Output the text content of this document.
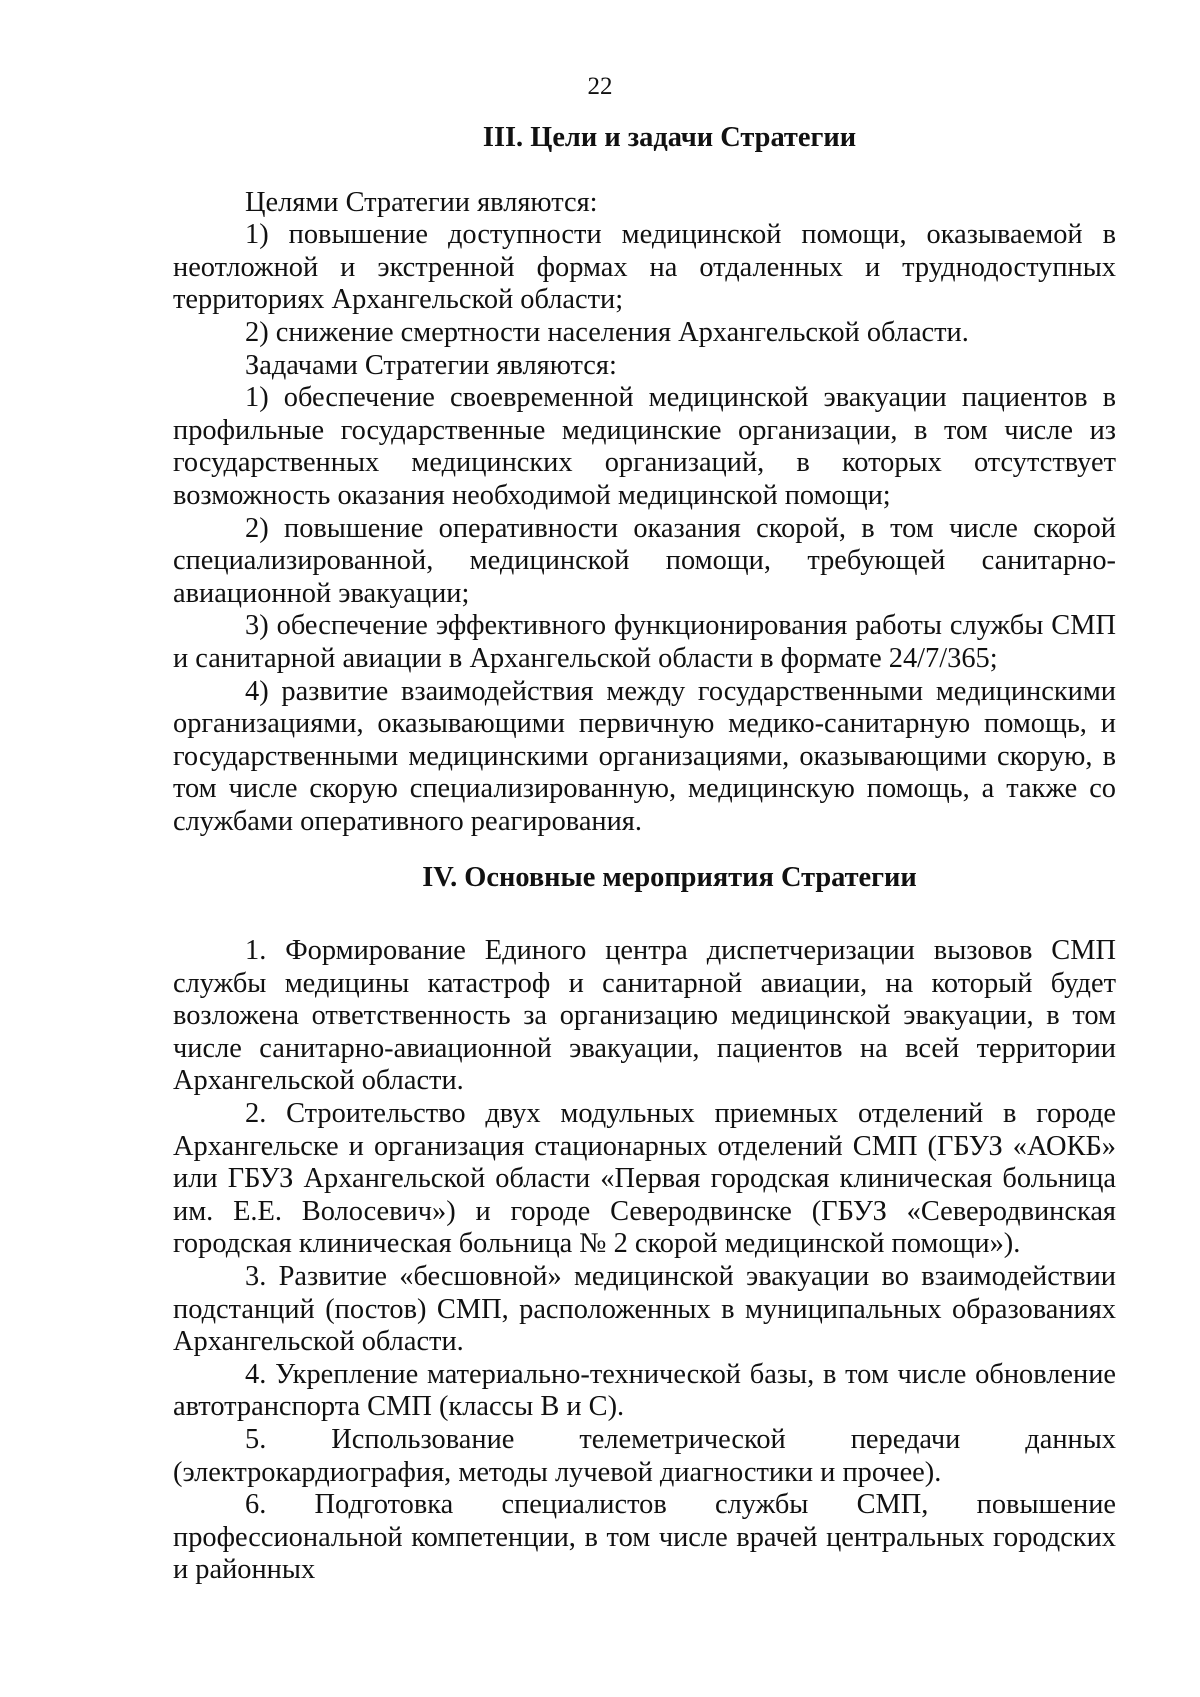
22
III. Цели и задачи Стратегии

Целями Стратегии являются:

1) повышение доступности медицинской помощи, оказываемой в неотложной и экстренной формах на отдаленных и труднодоступных территориях Архангельской области;

2) снижение смертности населения Архангельской области.

Задачами Стратегии являются:

1) обеспечение своевременной медицинской эвакуации пациентов в профильные государственные медицинские организации, в том числе из государственных медицинских организаций, в которых отсутствует возможность оказания необходимой медицинской помощи;

2) повышение оперативности оказания скорой, в том числе скорой специализированной, медицинской помощи, требующей санитарно-авиационной эвакуации;

3) обеспечение эффективного функционирования работы службы СМП и санитарной авиации в Архангельской области в формате 24/7/365;

4) развитие взаимодействия между государственными медицинскими организациями, оказывающими первичную медико-санитарную помощь, и государственными медицинскими организациями, оказывающими скорую, в том числе скорую специализированную, медицинскую помощь, а также со службами оперативного реагирования.

IV. Основные мероприятия Стратегии

1. Формирование Единого центра диспетчеризации вызовов СМП службы медицины катастроф и санитарной авиации, на который будет возложена ответственность за организацию медицинской эвакуации, в том числе санитарно-авиационной эвакуации, пациентов на всей территории Архангельской области.

2. Строительство двух модульных приемных отделений в городе Архангельске и организация стационарных отделений СМП (ГБУЗ «АОКБ» или ГБУЗ Архангельской области «Первая городская клиническая больница им. Е.Е. Волосевич») и городе Северодвинске (ГБУЗ «Северодвинская городская клиническая больница № 2 скорой медицинской помощи»).

3. Развитие «бесшовной» медицинской эвакуации во взаимодействии подстанций (постов) СМП, расположенных в муниципальных образованиях Архангельской области.

4. Укрепление материально-технической базы, в том числе обновление автотранспорта СМП (классы В и С).

5. Использование телеметрической передачи данных (электрокардиография, методы лучевой диагностики и прочее).

6. Подготовка специалистов службы СМП, повышение профессиональной компетенции, в том числе врачей центральных городских и районных
